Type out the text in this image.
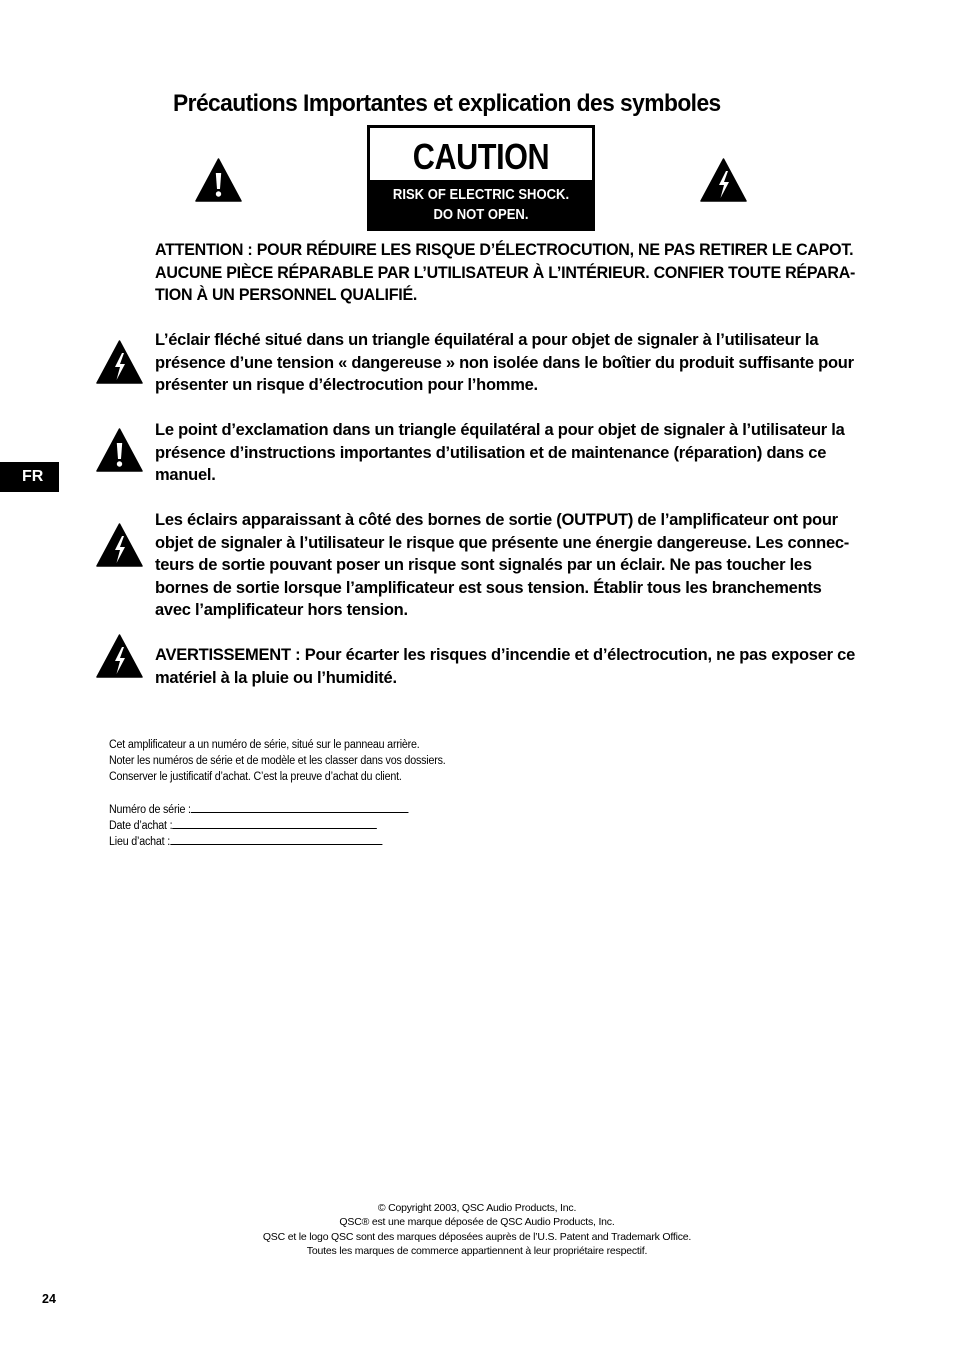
Précautions Importantes et explication des symboles
CAUTION
RISK OF ELECTRIC SHOCK.
DO NOT OPEN.
ATTENTION : POUR RÉDUIRE LES RISQUE D’ÉLECTROCUTION, NE PAS RETIRER LE CAPOT.
AUCUNE PIÈCE RÉPARABLE PAR L’UTILISATEUR À L’INTÉRIEUR. CONFIER TOUTE RÉPARA-
TION À UN PERSONNEL QUALIFIÉ.
L’éclair fléché situé dans un triangle équilatéral a pour objet de signaler à l’utilisateur la
présence d’une tension « dangereuse » non isolée dans le boîtier du produit suffisante pour
présenter un risque d’électrocution pour l’homme.
Le point d’exclamation dans un triangle équilatéral a pour objet de signaler à l’utilisateur la
présence d’instructions importantes d’utilisation et de maintenance (réparation) dans ce
manuel.
FR
Les éclairs apparaissant à côté des bornes de sortie (OUTPUT) de l’amplificateur ont pour
objet de signaler à l’utilisateur le risque que présente une énergie dangereuse. Les connec-
teurs de sortie pouvant poser un risque sont signalés par un éclair. Ne pas toucher les
bornes de sortie lorsque l’amplificateur est sous tension. Établir tous les branchements
avec l’amplificateur hors tension.
AVERTISSEMENT : Pour écarter les risques d’incendie et d’électrocution, ne pas exposer ce
matériel à la pluie ou l’humidité.
Cet amplificateur a un numéro de série, situé sur le panneau arrière.
Noter les numéros de série et de modèle et les classer dans vos dossiers.
Conserver le justificatif d’achat. C’est la preuve d’achat du client.
Numéro de série :
Date d’achat :
Lieu d’achat :
© Copyright 2003, QSC Audio Products, Inc.
QSC® est une marque déposée de QSC Audio Products, Inc.
QSC et le logo QSC sont des marques déposées auprès de l’U.S. Patent and Trademark Office.
Toutes les marques de commerce appartiennent à leur propriétaire respectif.
24
